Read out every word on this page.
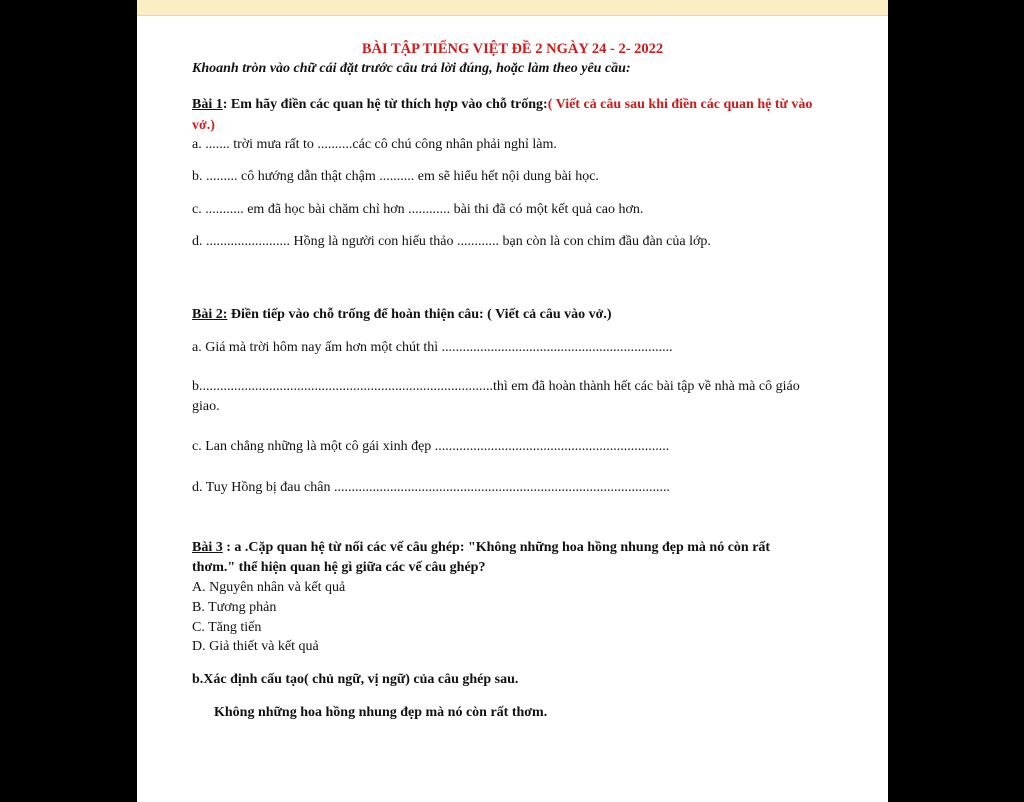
BÀI TẬP TIẾNG VIỆT ĐỀ 2 NGÀY 24 - 2- 2022

Khoanh tròn vào chữ cái đặt trước câu trả lời đúng, hoặc làm theo yêu cầu:

Bài 1: Em hãy điền các quan hệ từ thích hợp vào chỗ trống:( Viết cả câu sau khi điền các quan hệ từ vào

vở.)

a. ....... trời mưa rất to ..........các cô chú công nhân phải nghỉ làm.

b. ......... cô hướng dẫn thật chậm .......... em sẽ hiểu hết nội dung bài học.

c. ........... em đã học bài chăm chỉ hơn ............ bài thi đã có một kết quả cao hơn.

d. ........................ Hồng là người con hiếu thảo ............ bạn còn là con chim đầu đàn của lớp.

Bài 2: Điền tiếp vào chỗ trống để hoàn thiện câu: ( Viết cả câu vào vở.)

a. Giá mà trời hôm nay ấm hơn một chút thì ..................................................................

b....................................................................................thì em đã hoàn thành hết các bài tập về nhà mà cô giáo

giao.

c. Lan chẳng những là một cô gái xinh đẹp ...................................................................

d. Tuy Hồng bị đau chân ................................................................................................

Bài 3 : a .Cặp quan hệ từ nối các vế câu ghép: "Không những hoa hồng nhung đẹp mà nó còn rất

thơm." thể hiện quan hệ gì giữa các vế câu ghép?

A. Nguyên nhân và kết quả

B. Tương phản

C. Tăng tiến

D. Giả thiết và kết quả

b.Xác định cấu tạo( chủ ngữ, vị ngữ) của câu ghép sau.

Không những hoa hồng nhung đẹp mà nó còn rất thơm.
